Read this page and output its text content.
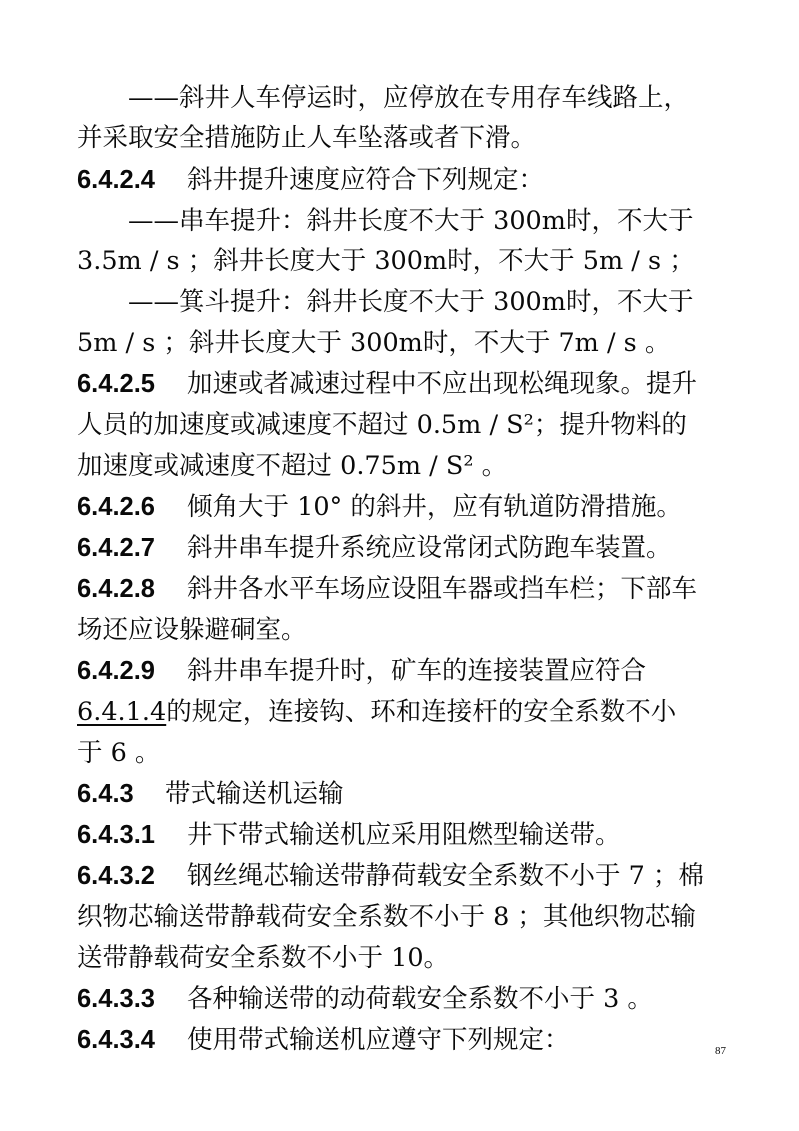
——斜井人车停运时，应停放在专用存车线路上，
并采取安全措施防止人车坠落或者下滑。
6.4.2.4 斜井提升速度应符合下列规定：
——串车提升：斜井长度不大于 300m时，不大于
3.5m / s ；斜井长度大于 300m时，不大于 5m / s ；
——箕斗提升：斜井长度不大于 300m时，不大于
5m / s ；斜井长度大于 300m时，不大于 7m / s 。
6.4.2.5 加速或者减速过程中不应出现松绳现象。提升
人员的加速度或减速度不超过 0.5m / S²；提升物料的
加速度或减速度不超过 0.75m / S² 。
6.4.2.6 倾角大于 10° 的斜井，应有轨道防滑措施。
6.4.2.7 斜井串车提升系统应设常闭式防跑车装置。
6.4.2.8 斜井各水平车场应设阻车器或挡车栏；下部车
场还应设躲避硐室。
6.4.2.9 斜井串车提升时，矿车的连接装置应符合
6.4.1.4的规定，连接钩、环和连接杆的安全系数不小
于 6 。
6.4.3 带式输送机运输
6.4.3.1 井下带式输送机应采用阻燃型输送带。
6.4.3.2 钢丝绳芯输送带静荷载安全系数不小于 7 ；棉
织物芯输送带静载荷安全系数不小于 8 ；其他织物芯输
送带静载荷安全系数不小于 10。
6.4.3.3 各种输送带的动荷载安全系数不小于 3 。
6.4.3.4 使用带式输送机应遵守下列规定：	87
